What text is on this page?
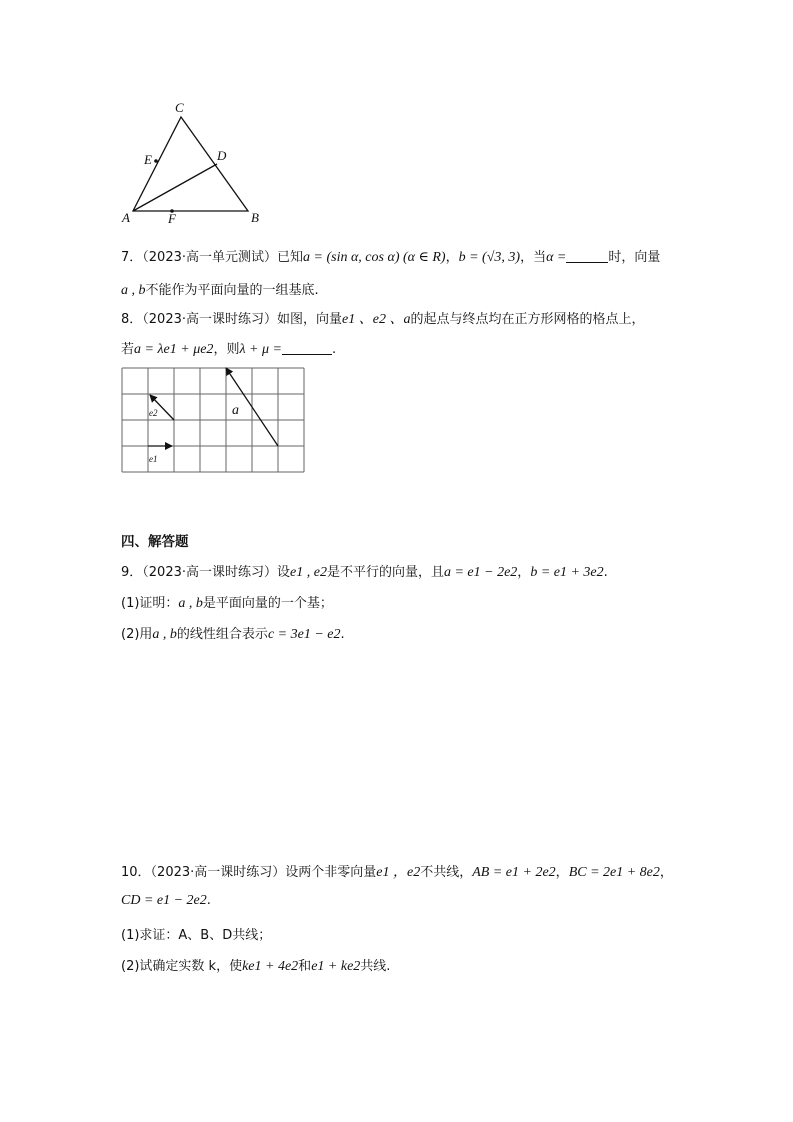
C
D
E
A	F	B
7．（2023·高一单元测试）已知a = (sin α, cos α) (α ∈ R)，b = (√3, 3)，当α =	时，向量
a , b不能作为平面向量的一组基底.
8．（2023·高一课时练习）如图，向量e1 、e2 、a的起点与终点均在正方形网格的格点上，
若a = λe1 + μe2，则λ + μ =	.
a
e1
e2
四、解答题
9．（2023·高一课时练习）设e1 , e2是不平行的向量，且a = e1 − 2e2，b = e1 + 3e2.
(1)证明：a , b是平面向量的一个基；
(2)用a , b的线性组合表示c = 3e1 − e2.
10．（2023·高一课时练习）设两个非零向量e1 ，e2不共线，AB = e1 + 2e2，BC = 2e1 + 8e2，
CD = e1 − 2e2.
(1)求证：A、B、D共线；
(2)试确定实数 k，使ke1 + 4e2和e1 + ke2共线.
